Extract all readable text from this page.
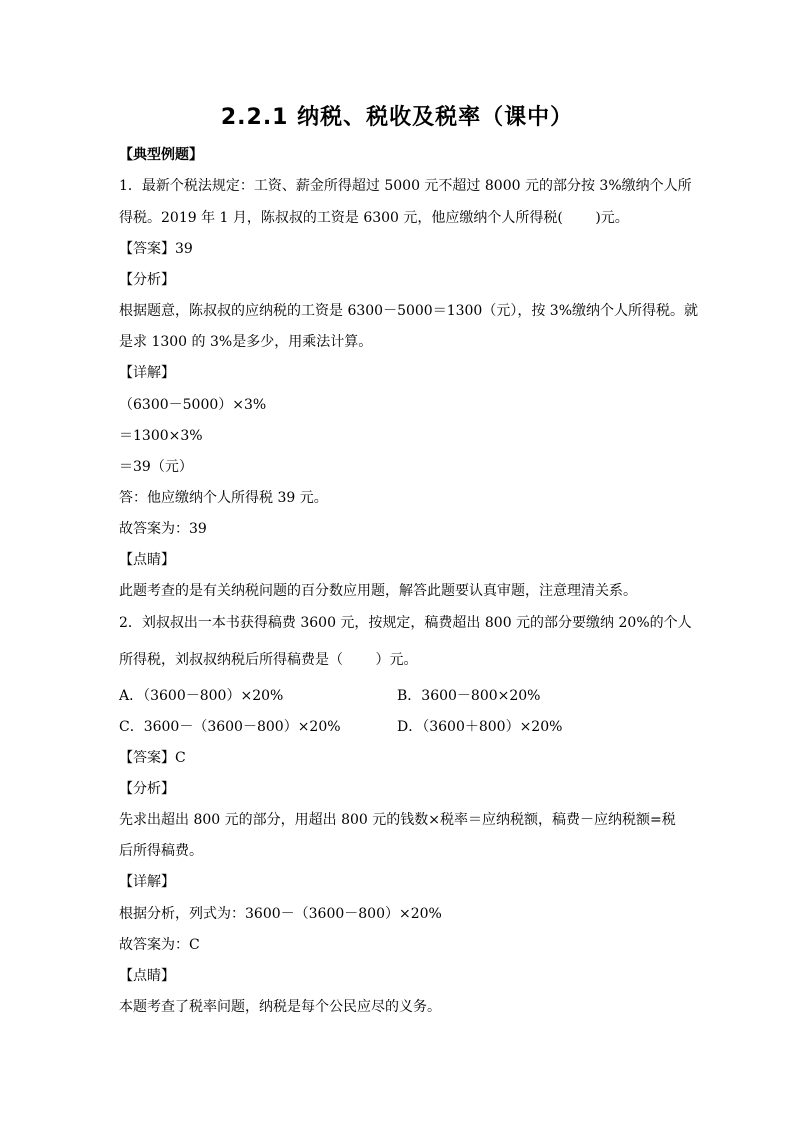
2.2.1 纳税、税收及税率（课中）
【典型例题】
1．最新个税法规定：工资、薪金所得超过 5000 元不超过 8000 元的部分按 3%缴纳个人所
得税。2019 年 1 月，陈叔叔的工资是 6300 元，他应缴纳个人所得税(　　 )元。
【答案】39
【分析】
根据题意，陈叔叔的应纳税的工资是 6300－5000＝1300（元），按 3%缴纳个人所得税。就
是求 1300 的 3%是多少，用乘法计算。
【详解】
（6300－5000）×3%
＝1300×3%
＝39（元）
答：他应缴纳个人所得税 39 元。
故答案为：39
【点睛】
此题考查的是有关纳税问题的百分数应用题，解答此题要认真审题，注意理清关系。
2．刘叔叔出一本书获得稿费 3600 元，按规定，稿费超出 800 元的部分要缴纳 20%的个人
所得税，刘叔叔纳税后所得稿费是（　　 ）元。
A．（3600－800）×20%	B．3600－800×20%
C．3600－（3600－800）×20%	D．（3600＋800）×20%
【答案】C
【分析】
先求出超出 800 元的部分，用超出 800 元的钱数×税率＝应纳税额，稿费－应纳税额=税
后所得稿费。
【详解】
根据分析，列式为：3600－（3600－800）×20%
故答案为：C
【点睛】
本题考查了税率问题，纳税是每个公民应尽的义务。
